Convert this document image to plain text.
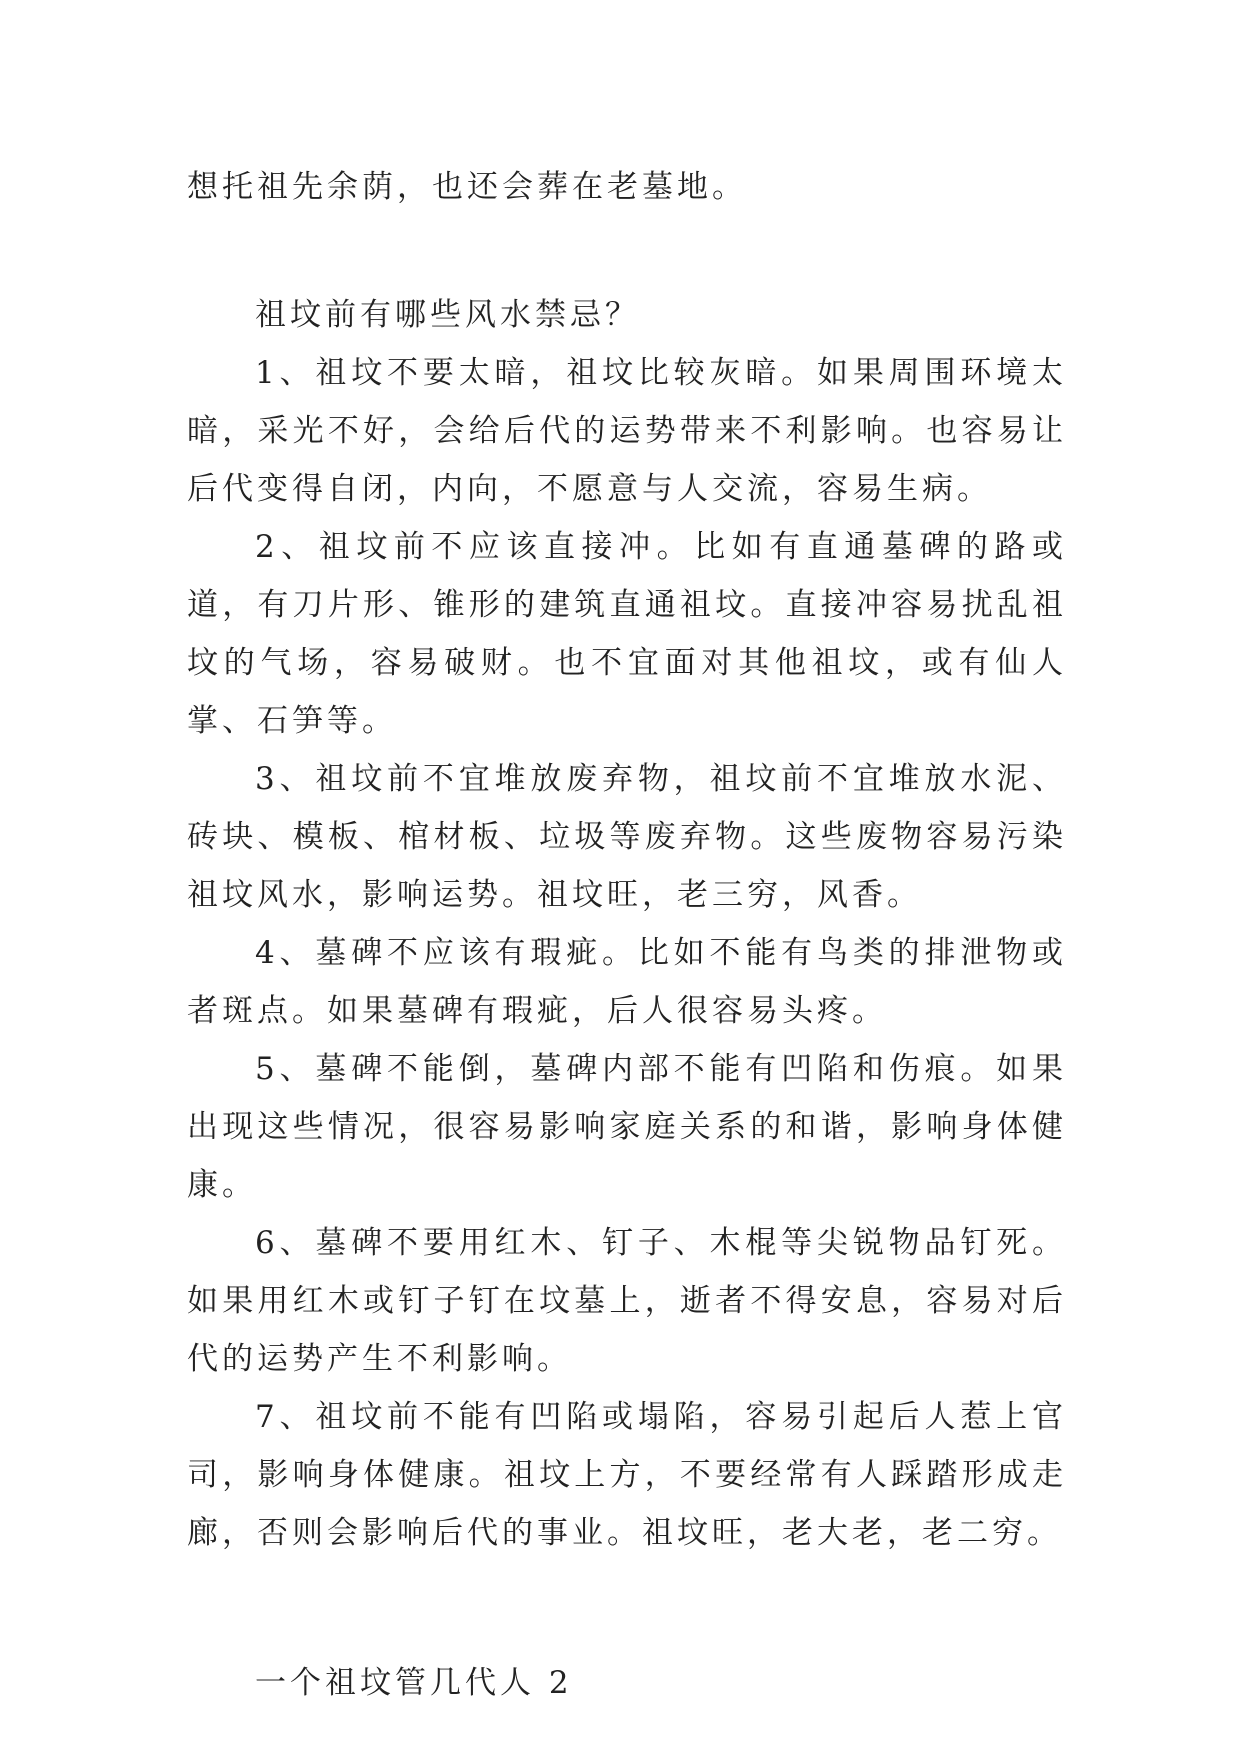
想托祖先余荫，也还会葬在老墓地。

祖坟前有哪些风水禁忌？

1、祖坟不要太暗，祖坟比较灰暗。如果周围环境太暗，采光不好，会给后代的运势带来不利影响。也容易让后代变得自闭，内向，不愿意与人交流，容易生病。

2、祖坟前不应该直接冲。比如有直通墓碑的路或道，有刀片形、锥形的建筑直通祖坟。直接冲容易扰乱祖坟的气场，容易破财。也不宜面对其他祖坟，或有仙人掌、石笋等。

3、祖坟前不宜堆放废弃物，祖坟前不宜堆放水泥、砖块、模板、棺材板、垃圾等废弃物。这些废物容易污染祖坟风水，影响运势。祖坟旺，老三穷，风香。

4、墓碑不应该有瑕疵。比如不能有鸟类的排泄物或者斑点。如果墓碑有瑕疵，后人很容易头疼。

5、墓碑不能倒，墓碑内部不能有凹陷和伤痕。如果出现这些情况，很容易影响家庭关系的和谐，影响身体健康。

6、墓碑不要用红木、钉子、木棍等尖锐物品钉死。如果用红木或钉子钉在坟墓上，逝者不得安息，容易对后代的运势产生不利影响。

7、祖坟前不能有凹陷或塌陷，容易引起后人惹上官司，影响身体健康。祖坟上方，不要经常有人踩踏形成走廊，否则会影响后代的事业。祖坟旺，老大老，老二穷。

一个祖坟管几代人 2
